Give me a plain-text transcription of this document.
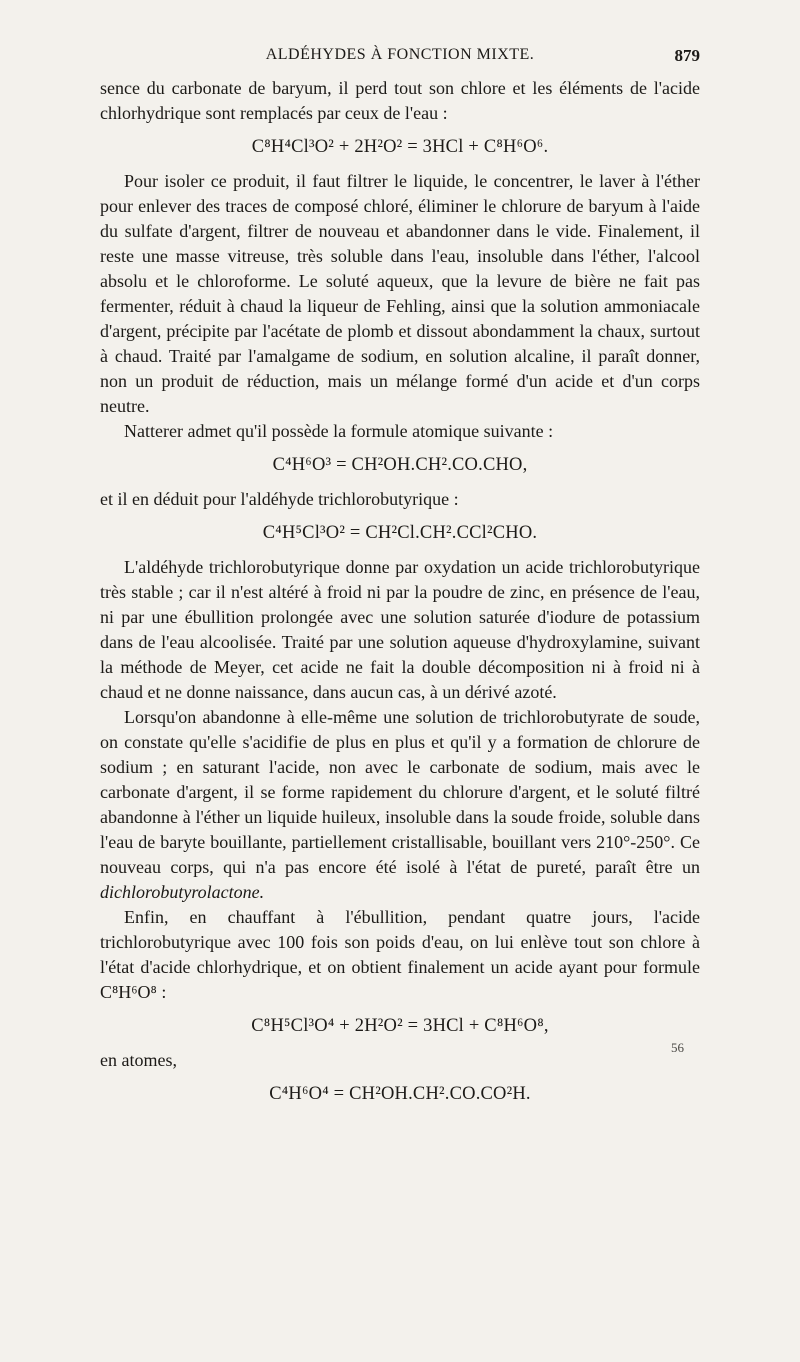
ALDÉHYDES À FONCTION MIXTE.	879

sence du carbonate de baryum, il perd tout son chlore et les éléments de l'acide chlorhydrique sont remplacés par ceux de l'eau :

C⁸H⁴Cl³O² + 2H²O² = 3HCl + C⁸H⁶O⁶.

Pour isoler ce produit, il faut filtrer le liquide, le concentrer, le laver à l'éther pour enlever des traces de composé chloré, éliminer le chlorure de baryum à l'aide du sulfate d'argent, filtrer de nouveau et abandonner dans le vide. Finalement, il reste une masse vitreuse, très soluble dans l'eau, insoluble dans l'éther, l'alcool absolu et le chloroforme. Le soluté aqueux, que la levure de bière ne fait pas fermenter, réduit à chaud la liqueur de Fehling, ainsi que la solution ammoniacale d'argent, précipite par l'acétate de plomb et dissout abondamment la chaux, surtout à chaud. Traité par l'amalgame de sodium, en solution alcaline, il paraît donner, non un produit de réduction, mais un mélange formé d'un acide et d'un corps neutre.

Natterer admet qu'il possède la formule atomique suivante :

C⁴H⁶O³ = CH²OH.CH².CO.CHO,

et il en déduit pour l'aldéhyde trichlorobutyrique :

C⁴H⁵Cl³O² = CH²Cl.CH².CCl²CHO.

L'aldéhyde trichlorobutyrique donne par oxydation un acide trichlorobutyrique très stable ; car il n'est altéré à froid ni par la poudre de zinc, en présence de l'eau, ni par une ébullition prolongée avec une solution saturée d'iodure de potassium dans de l'eau alcoolisée. Traité par une solution aqueuse d'hydroxylamine, suivant la méthode de Meyer, cet acide ne fait la double décomposition ni à froid ni à chaud et ne donne naissance, dans aucun cas, à un dérivé azoté.

Lorsqu'on abandonne à elle-même une solution de trichlorobutyrate de soude, on constate qu'elle s'acidifie de plus en plus et qu'il y a formation de chlorure de sodium ; en saturant l'acide, non avec le carbonate de sodium, mais avec le carbonate d'argent, il se forme rapidement du chlorure d'argent, et le soluté filtré abandonne à l'éther un liquide huileux, insoluble dans la soude froide, soluble dans l'eau de baryte bouillante, partiellement cristallisable, bouillant vers 210°-250°. Ce nouveau corps, qui n'a pas encore été isolé à l'état de pureté, paraît être un dichlorobutyrolactone.

Enfin, en chauffant à l'ébullition, pendant quatre jours, l'acide trichlorobutyrique avec 100 fois son poids d'eau, on lui enlève tout son chlore à l'état d'acide chlorhydrique, et on obtient finalement un acide ayant pour formule C⁸H⁶O⁸ :

C⁸H⁵Cl³O⁴ + 2H²O² = 3HCl + C⁸H⁶O⁸,

en atomes,

C⁴H⁶O⁴ = CH²OH.CH².CO.CO²H.
56
